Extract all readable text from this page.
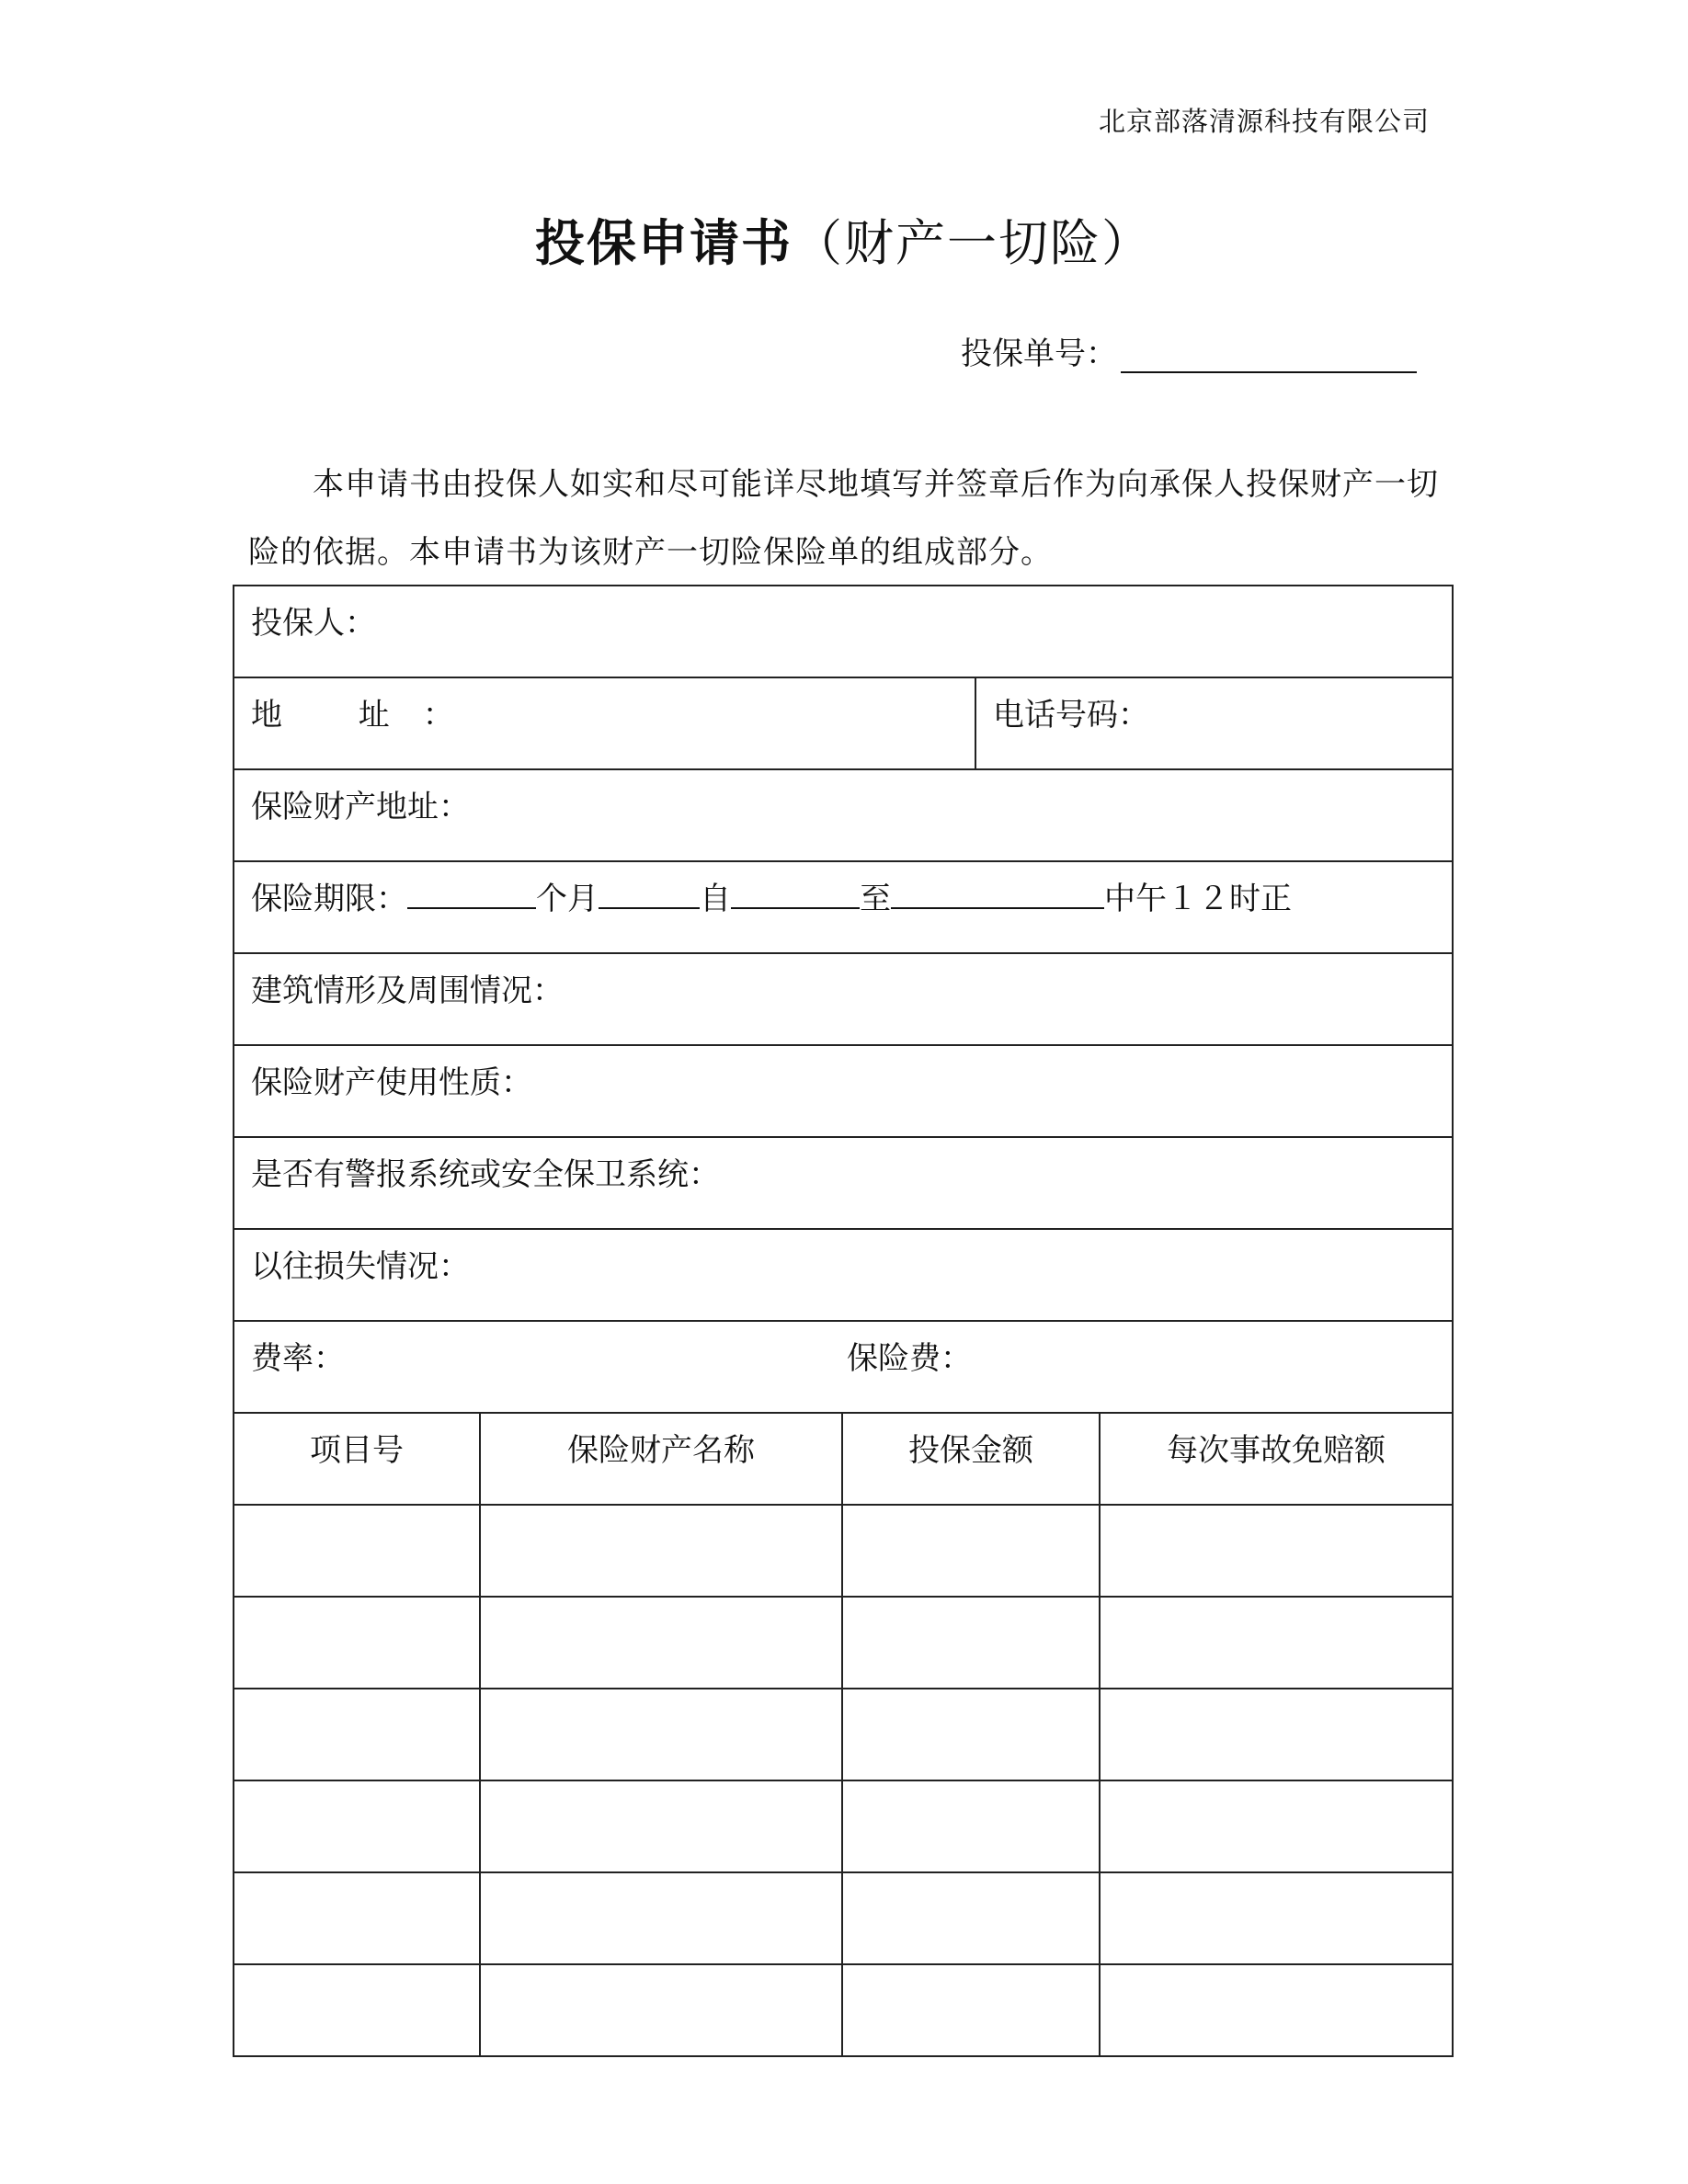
北京部落清源科技有限公司
投保申请书（财产一切险）
投保单号：
本申请书由投保人如实和尽可能详尽地填写并签章后作为向承保人投保财产一切险的依据。本申请书为该财产一切险保险单的组成部分。
投保人：				
地 址：			电话号码：	
保险财产地址：				
保险期限： 个月 自 至 中午１２时正				
建筑情形及周围情况：				
保险财产使用性质：				
是否有警报系统或安全保卫系统：				
以往损失情况：				
费率： 保险费：				
项目号	保险财产名称	投保金额		每次事故免赔额
